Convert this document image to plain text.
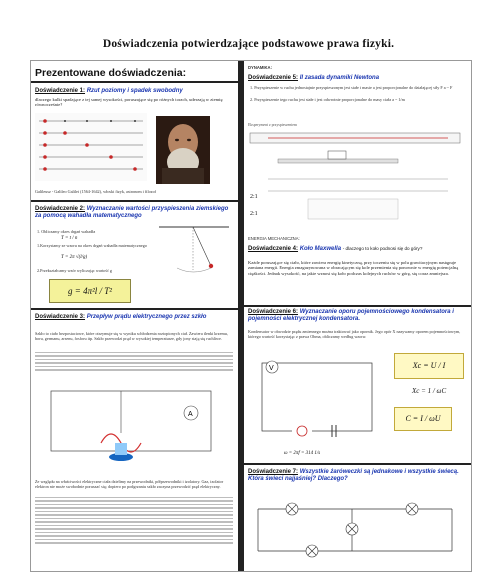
Doświadczenia potwierdzające podstawowe prawa fizyki.
Prezentowane doświadczenia:
Doświadczenie 1: Rzut poziomy i spadek swobodny
dlaczego kulki spadające z tej samej wysokości, poruszające się po różnych torach, uderzają w ziemię równocześnie?
Galileusz - Galileo Galilei (1564-1642), włoski fizyk, astronom i filozof
Doświadczenie 2: Wyznaczanie wartości przyspieszenia ziemskiego za pomocą wahadła matematycznego
1. Obliczamy okres drgań wahadła
T = t / n
1.Korzystamy ze wzoru na okres drgań wahadła matematycznego
T = 2π √(l/g)
2.Przekształcamy wzór wyliczając wartość g
g = 4π²l / T²
Doświadczenie 3: Przepływ prądu elektrycznego przez szkło
Szkło to ciało bezpostaciowe, które otrzymuje się w wyniku schłodzenia roztopionych ciał. Zawiera tlenki krzemu, boru, germanu, arsenu, fosforu itp. Szkło przewodzi prąd w wysokiej temperaturze, gdy jony stają się ruchliwe.
A
Ze względu na właściwości elektryczne ciała dzielimy na przewodniki, półprzewodniki i izolatory. Gaz, izolator elektron nie może swobodnie poruszać się; dopiero po podgrzaniu szkło zaczyna przewodzić prąd elektryczny.
DYNAMIKA:
Doświadczenie 5: II zasada dynamiki Newtona
1. Przyspieszenie w ruchu jednostajnie przyspieszonym jest stałe i masie a jest proporcjonalne do działającej siły F a ~ F
2. Przyspieszenie tego ruchu jest stałe i jest odwrotnie proporcjonalne do masy ciała a ~ 1/m
Eksperyment z przyspieszeniem
2:1
2:1
ENERGIA MECHANICZNA:
Doświadczenie 4: Koło Maxwella - dlaczego to koło podnosi się do góry?
Każde poruszające się ciało, które zawiera energię kinetyczną, przy toczeniu się w polu grawitacyjnym następuje zamiana energii. Energia zmagazynowana w obracającym się kole przemienia się ponownie w energię potencjalną ciężkości. Jednak wysokość, na jakie wznosi się koło podczas kolejnych ruchów w górę, się coraz zmniejsza.
Doświadczenie 6: Wyznaczanie oporu pojemnościowego kondensatora i pojemności elektrycznej kondensatora.
Kondensator w obwodzie prądu zmiennego można traktować jako opornik. Jego opór X nazywamy oporem pojemnościowym, którego wartość korzystając z prawa Ohma, obliczamy według wzoru:
V	Xc = U / I
Xc = 1 / ωC
C = I / ωU
ω = 2πf = 314 1/s
Doświadczenie 7: Wszystkie żaróweczki są jednakowe i wszystkie świecą. Która świeci najjaśniej? Dlaczego?
